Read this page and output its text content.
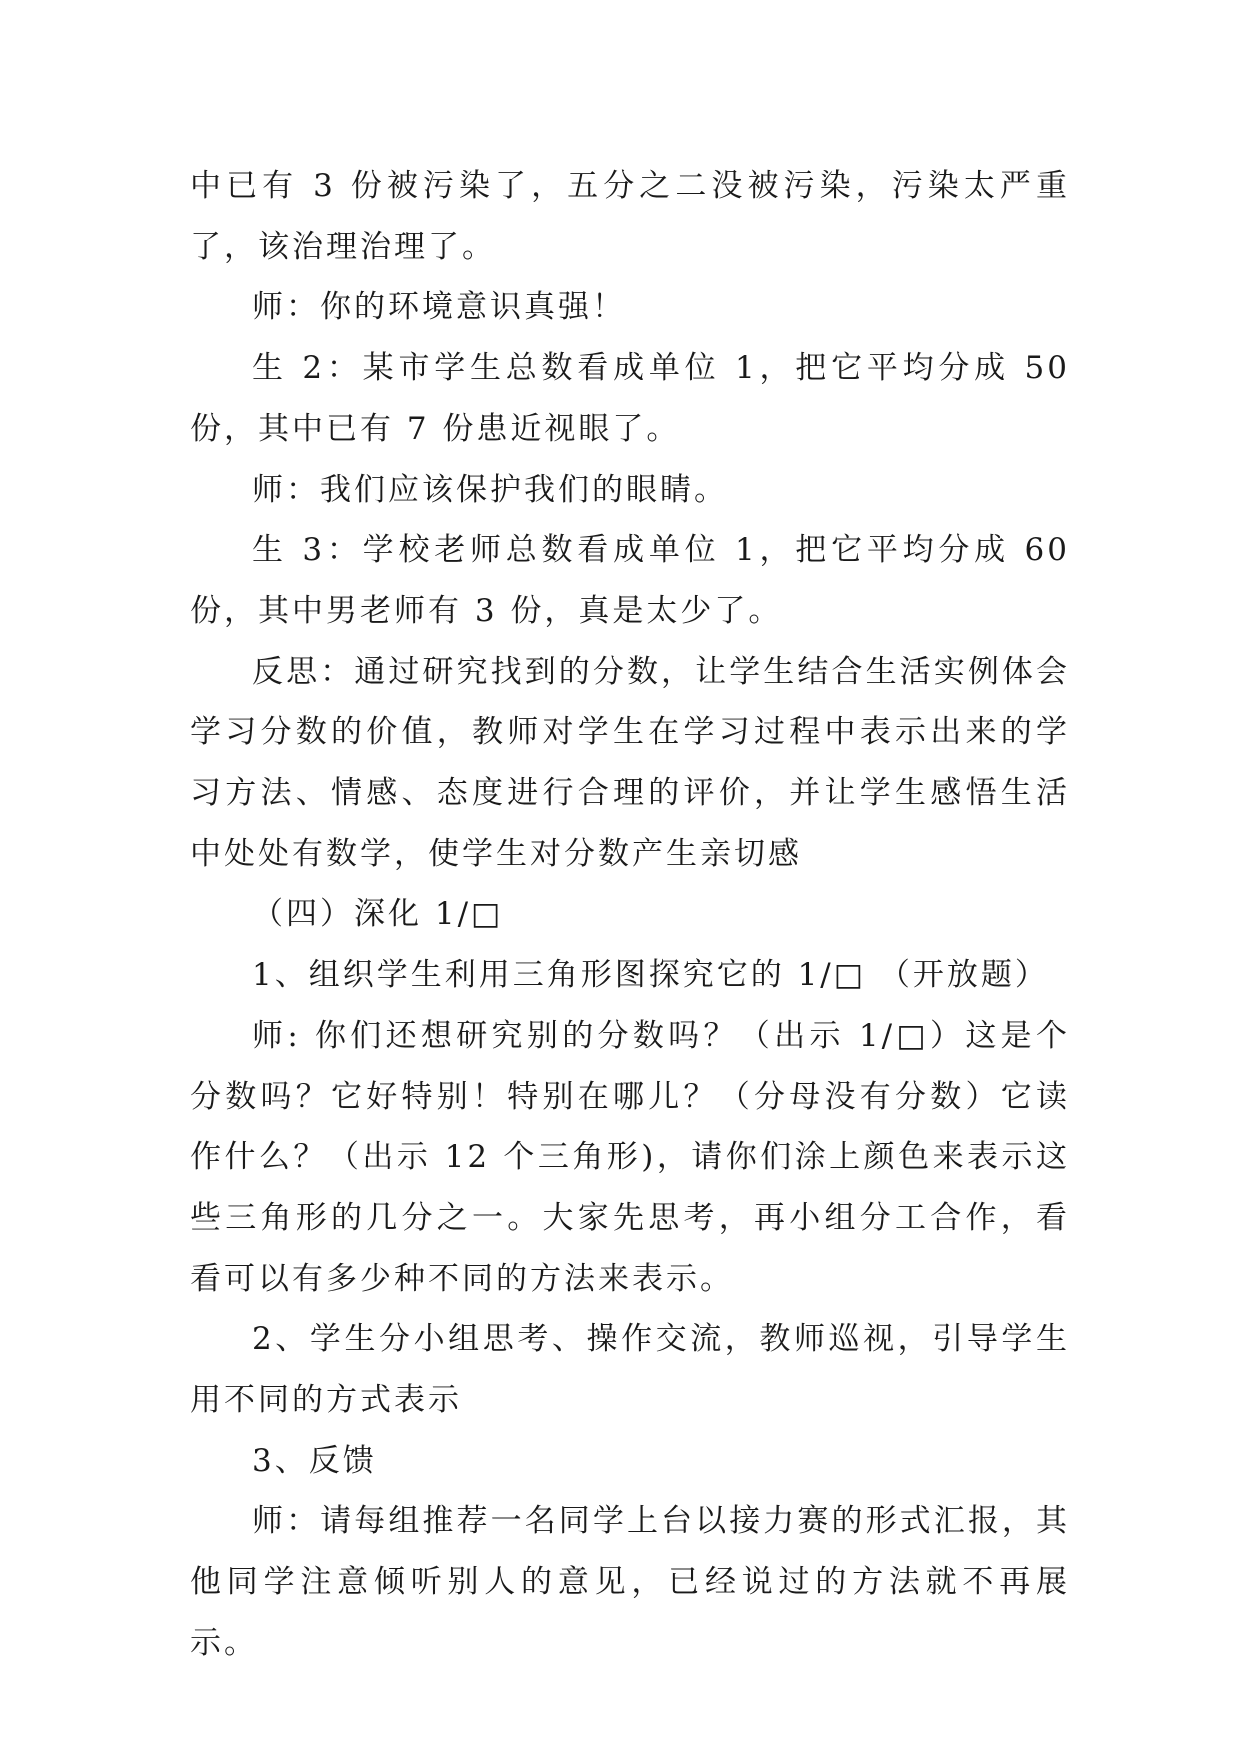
中已有 3 份被污染了，五分之二没被污染，污染太严重了，该治理治理了。

师：你的环境意识真强！

生 2：某市学生总数看成单位 1，把它平均分成 50 份，其中已有 7 份患近视眼了。

师：我们应该保护我们的眼睛。

生 3：学校老师总数看成单位 1，把它平均分成 60 份，其中男老师有 3 份，真是太少了。

反思：通过研究找到的分数，让学生结合生活实例体会学习分数的价值，教师对学生在学习过程中表示出来的学习方法、情感、态度进行合理的评价，并让学生感悟生活中处处有数学，使学生对分数产生亲切感

（四）深化 1/□

1、组织学生利用三角形图探究它的 1/□ （开放题）

师: 你们还想研究别的分数吗？（出示 1/□）这是个分数吗？它好特别！特别在哪儿？（分母没有分数）它读作什么？（出示 12 个三角形)，请你们涂上颜色来表示这些三角形的几分之一。大家先思考，再小组分工合作，看看可以有多少种不同的方法来表示。

2、学生分小组思考、操作交流，教师巡视，引导学生用不同的方式表示

3、反馈

师：请每组推荐一名同学上台以接力赛的形式汇报，其他同学注意倾听别人的意见，已经说过的方法就不再展示。
